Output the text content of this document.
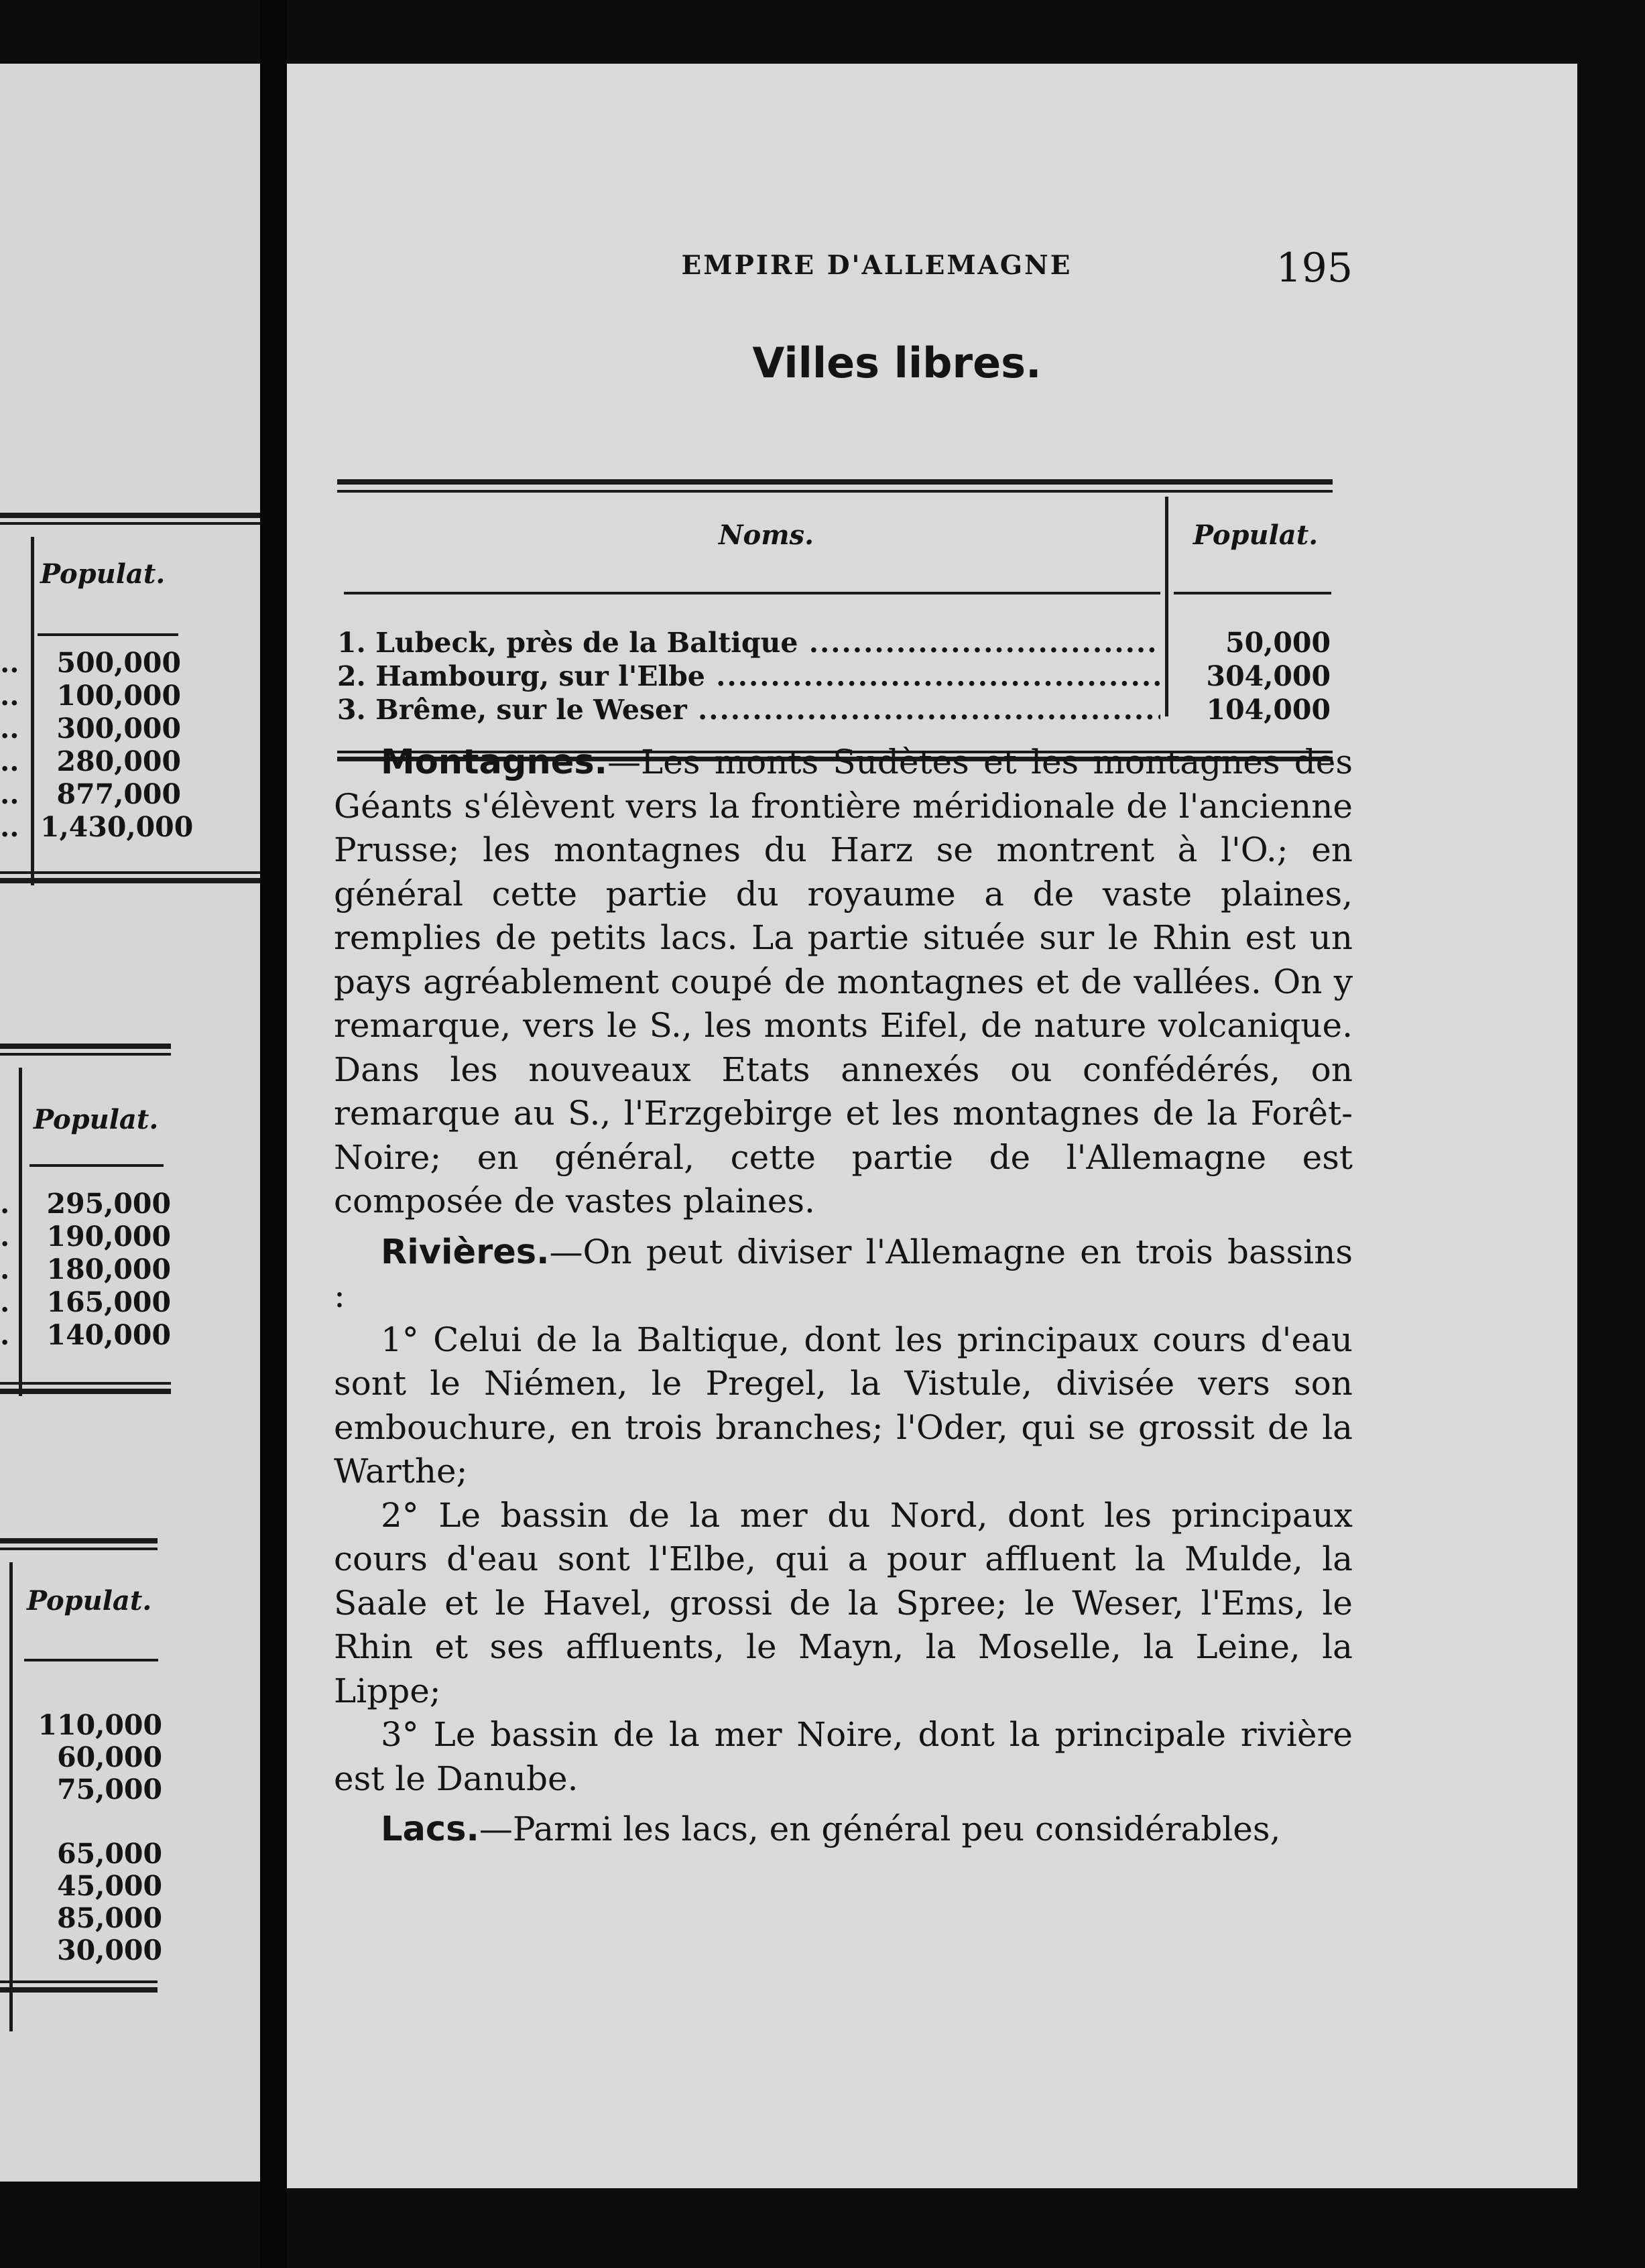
Populat.
..
..
..
..
..
..
500,000
100,000
300,000
280,000
877,000
1,430,000
Populat.
.
.
.
.
.
295,000
190,000
180,000
165,000
140,000
Populat.
110,000
60,000
75,000
65,000
45,000
85,000
30,000
EMPIRE D'ALLEMAGNE	195
Villes libres.
Noms.	Populat.
1. Lubeck, près de la Baltique .....	50,000
2. Hambourg, sur l'Elbe .....	304,000
3. Brême, sur le Weser .....	104,000

Montagnes.—Les monts Sudètes et les montagnes des Géants s'élèvent vers la frontière méridionale de l'ancienne Prusse; les montagnes du Harz se montrent à l'O.; en général cette partie du royaume a de vaste plaines, remplies de petits lacs. La partie située sur le Rhin est un pays agréablement coupé de montagnes et de vallées. On y remarque, vers le S., les monts Eifel, de nature volcanique. Dans les nouveaux Etats annexés ou confédérés, on remarque au S., l'Erzgebirge et les montagnes de la Forêt-Noire; en général, cette partie de l'Allemagne est composée de vastes plaines.

Rivières.—On peut diviser l'Allemagne en trois bassins :

1° Celui de la Baltique, dont les principaux cours d'eau sont le Niémen, le Pregel, la Vistule, divisée vers son embouchure, en trois branches; l'Oder, qui se grossit de la Warthe;

2° Le bassin de la mer du Nord, dont les principaux cours d'eau sont l'Elbe, qui a pour affluent la Mulde, la Saale et le Havel, grossi de la Spree; le Weser, l'Ems, le Rhin et ses affluents, le Mayn, la Moselle, la Leine, la Lippe;

3° Le bassin de la mer Noire, dont la principale rivière est le Danube.

Lacs.—Parmi les lacs, en général peu considérables,
